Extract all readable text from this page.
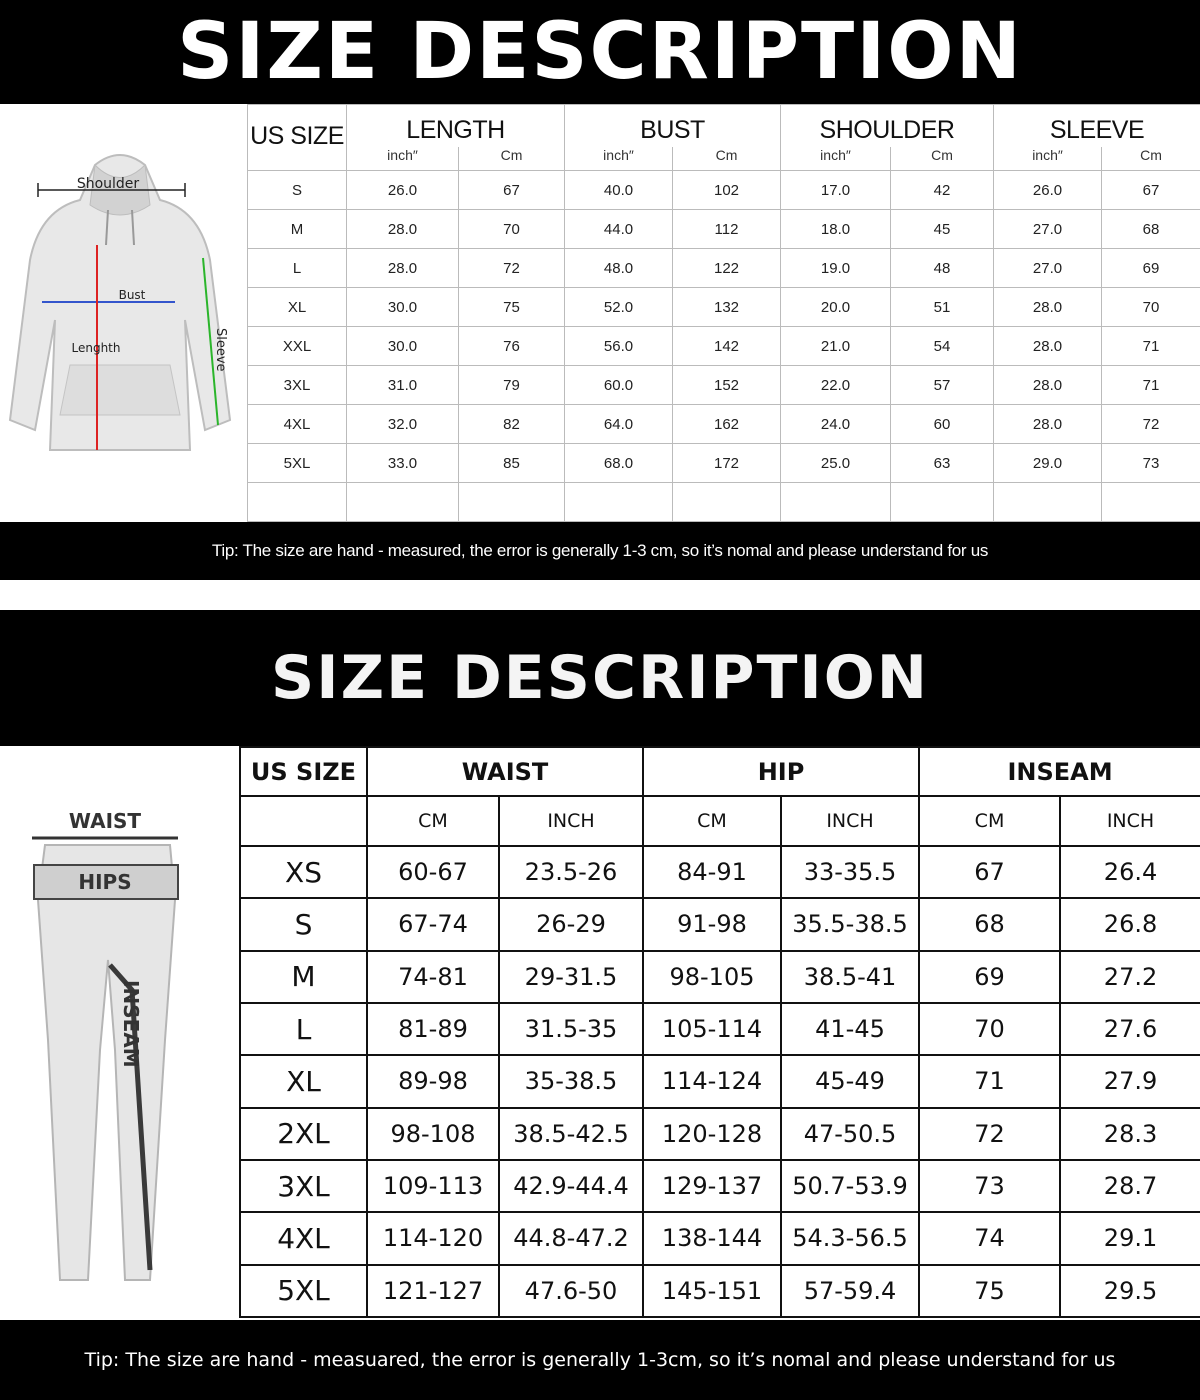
SIZE DESCRIPTION
Shoulder
Bust
Lenghth	Sleeve
US SIZE	LENGTH		BUST		SHOULDER		SLEEVE	
	inch″	Cm	inch″	Cm	inch″	Cm	inch″	Cm
S	26.0	67	40.0	102	17.0	42	26.0	67
M	28.0	70	44.0	112	18.0	45	27.0	68
L	28.0	72	48.0	122	19.0	48	27.0	69
XL	30.0	75	52.0	132	20.0	51	28.0	70
XXL	30.0	76	56.0	142	21.0	54	28.0	71
3XL	31.0	79	60.0	152	22.0	57	28.0	71
4XL	32.0	82	64.0	162	24.0	60	28.0	72
5XL	33.0	85	68.0	172	25.0	63	29.0	73

Tip: The size are hand - measured, the error is generally 1-3 cm, so it’s nomal and please understand for us
SIZE DESCRIPTION
WAIST
HIPS
INSEAM
US SIZE	WAIST		HIP		INSEAM	
	CM	INCH	CM	INCH	CM	INCH
XS	60-67	23.5-26	84-91	33-35.5	67	26.4
S	67-74	26-29	91-98	35.5-38.5	68	26.8
M	74-81	29-31.5	98-105	38.5-41	69	27.2
L	81-89	31.5-35	105-114	41-45	70	27.6
XL	89-98	35-38.5	114-124	45-49	71	27.9
2XL	98-108	38.5-42.5	120-128	47-50.5	72	28.3
3XL	109-113	42.9-44.4	129-137	50.7-53.9	73	28.7
4XL	114-120	44.8-47.2	138-144	54.3-56.5	74	29.1
5XL	121-127	47.6-50	145-151	57-59.4	75	29.5
Tip: The size are hand - measuared, the error is generally 1-3cm, so it’s nomal and please understand for us
